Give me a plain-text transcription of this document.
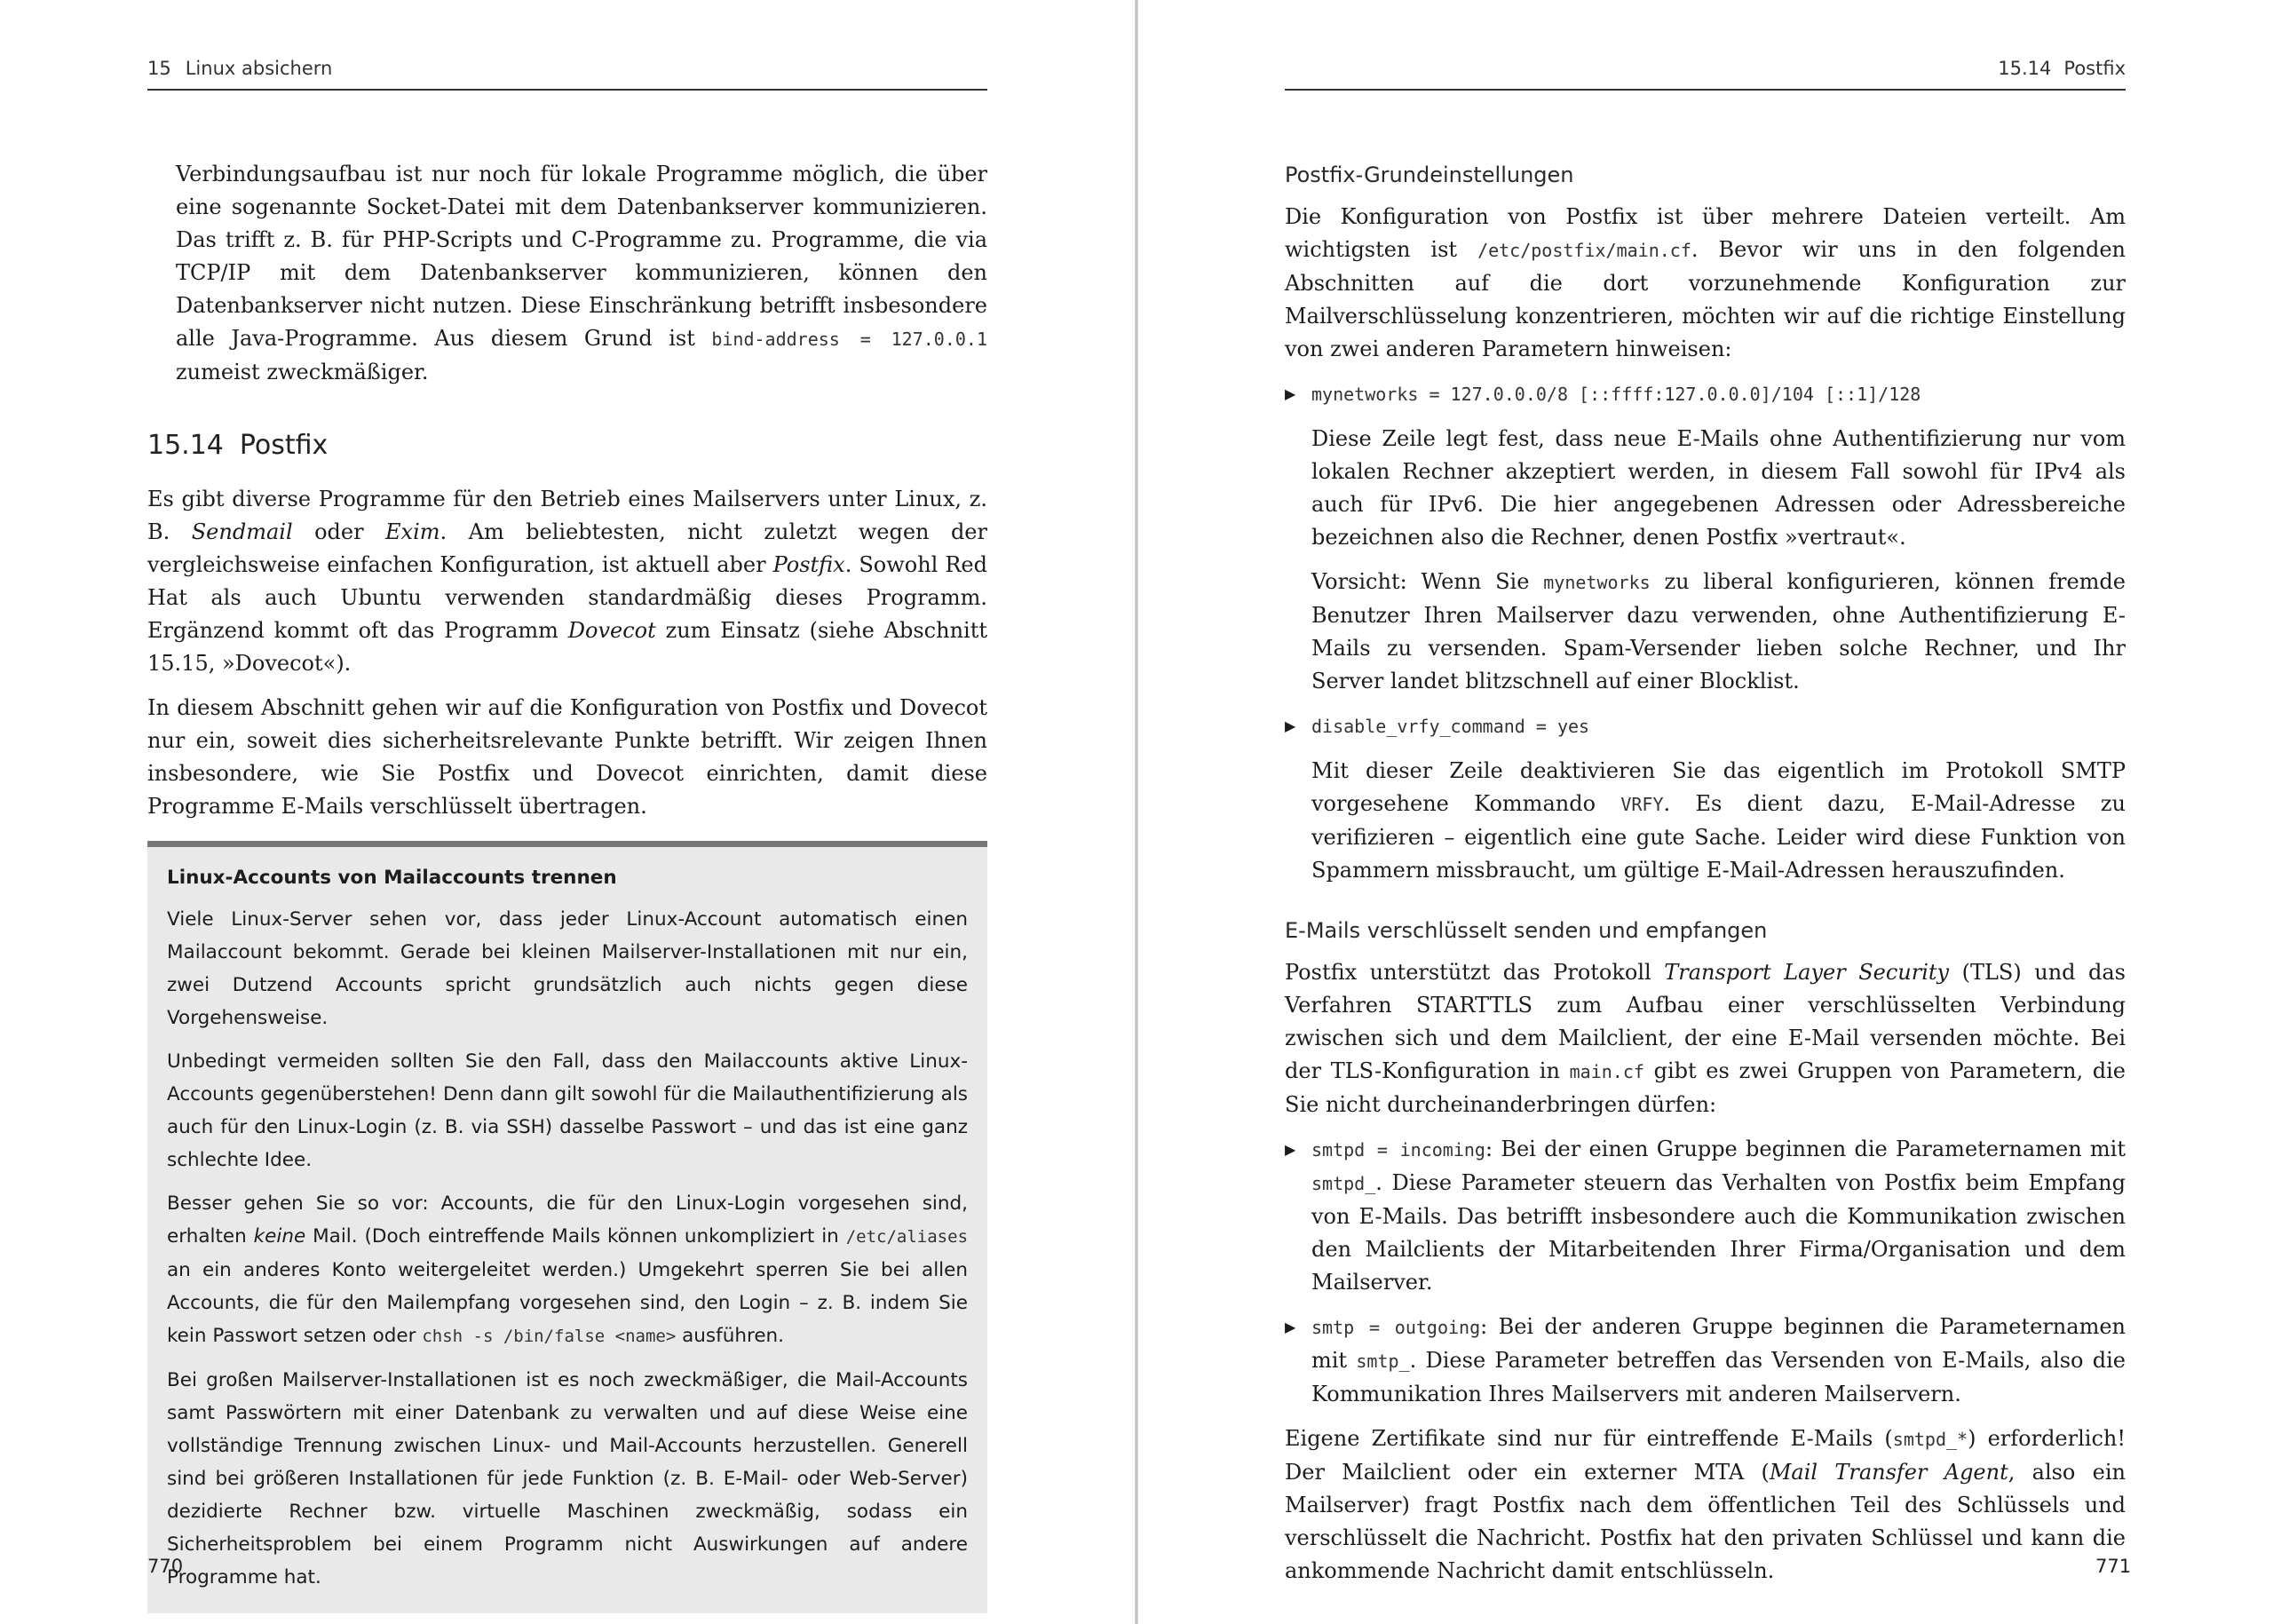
15 Linux absichern

Verbindungsaufbau ist nur noch für lokale Programme möglich, die über eine sogenannte Socket-Datei mit dem Datenbankserver kommunizieren. Das trifft z. B. für PHP-Scripts und C-Programme zu. Programme, die via TCP/IP mit dem Datenbankserver kommunizieren, können den Datenbankserver nicht nutzen. Diese Einschränkung betrifft insbesondere alle Java-Programme. Aus diesem Grund ist bind-address = 127.0.0.1 zumeist zweckmäßiger.

15.14 Postfix

Es gibt diverse Programme für den Betrieb eines Mailservers unter Linux, z. B. Sendmail oder Exim. Am beliebtesten, nicht zuletzt wegen der vergleichsweise einfachen Konfiguration, ist aktuell aber Postfix. Sowohl Red Hat als auch Ubuntu verwenden standardmäßig dieses Programm. Ergänzend kommt oft das Programm Dovecot zum Einsatz (siehe Abschnitt 15.15, »Dovecot«).

In diesem Abschnitt gehen wir auf die Konfiguration von Postfix und Dovecot nur ein, soweit dies sicherheitsrelevante Punkte betrifft. Wir zeigen Ihnen insbesondere, wie Sie Postfix und Dovecot einrichten, damit diese Programme E-Mails verschlüsselt übertragen.

Linux-Accounts von Mailaccounts trennen

Viele Linux-Server sehen vor, dass jeder Linux-Account automatisch einen Mailaccount bekommt. Gerade bei kleinen Mailserver-Installationen mit nur ein, zwei Dutzend Accounts spricht grundsätzlich auch nichts gegen diese Vorgehensweise.

Unbedingt vermeiden sollten Sie den Fall, dass den Mailaccounts aktive Linux-Accounts gegenüberstehen! Denn dann gilt sowohl für die Mailauthentifizierung als auch für den Linux-Login (z. B. via SSH) dasselbe Passwort – und das ist eine ganz schlechte Idee.

Besser gehen Sie so vor: Accounts, die für den Linux-Login vorgesehen sind, erhalten keine Mail. (Doch eintreffende Mails können unkompliziert in /etc/aliases an ein anderes Konto weitergeleitet werden.) Umgekehrt sperren Sie bei allen Accounts, die für den Mailempfang vorgesehen sind, den Login – z. B. indem Sie kein Passwort setzen oder chsh -s /bin/false <name> ausführen.

Bei großen Mailserver-Installationen ist es noch zweckmäßiger, die Mail-Accounts samt Passwörtern mit einer Datenbank zu verwalten und auf diese Weise eine vollständige Trennung zwischen Linux- und Mail-Accounts herzustellen. Generell sind bei größeren Installationen für jede Funktion (z. B. E-Mail- oder Web-Server) dezidierte Rechner bzw. virtuelle Maschinen zweckmäßig, sodass ein Sicherheitsproblem bei einem Programm nicht Auswirkungen auf andere Programme hat.

770
15.14 Postfix
Postfix-Grundeinstellungen

Die Konfiguration von Postfix ist über mehrere Dateien verteilt. Am wichtigsten ist /etc/postfix/main.cf. Bevor wir uns in den folgenden Abschnitten auf die dort vorzunehmende Konfiguration zur Mailverschlüsselung konzentrieren, möchten wir auf die richtige Einstellung von zwei anderen Parametern hinweisen:

▶ mynetworks = 127.0.0.0/8 [::ffff:127.0.0.0]/104 [::1]/128

Diese Zeile legt fest, dass neue E-Mails ohne Authentifizierung nur vom lokalen Rechner akzeptiert werden, in diesem Fall sowohl für IPv4 als auch für IPv6. Die hier angegebenen Adressen oder Adressbereiche bezeichnen also die Rechner, denen Postfix »vertraut«.

Vorsicht: Wenn Sie mynetworks zu liberal konfigurieren, können fremde Benutzer Ihren Mailserver dazu verwenden, ohne Authentifizierung E-Mails zu versenden. Spam-Versender lieben solche Rechner, und Ihr Server landet blitzschnell auf einer Blocklist.

▶ disable_vrfy_command = yes

Mit dieser Zeile deaktivieren Sie das eigentlich im Protokoll SMTP vorgesehene Kommando VRFY. Es dient dazu, E-Mail-Adresse zu verifizieren – eigentlich eine gute Sache. Leider wird diese Funktion von Spammern missbraucht, um gültige E-Mail-Adressen herauszufinden.

E-Mails verschlüsselt senden und empfangen

Postfix unterstützt das Protokoll Transport Layer Security (TLS) und das Verfahren STARTTLS zum Aufbau einer verschlüsselten Verbindung zwischen sich und dem Mailclient, der eine E-Mail versenden möchte. Bei der TLS-Konfiguration in main.cf gibt es zwei Gruppen von Parametern, die Sie nicht durcheinanderbringen dürfen:

▶ smtpd = incoming: Bei der einen Gruppe beginnen die Parameternamen mit smtpd_. Diese Parameter steuern das Verhalten von Postfix beim Empfang von E-Mails. Das betrifft insbesondere auch die Kommunikation zwischen den Mailclients der Mitarbeitenden Ihrer Firma/Organisation und dem Mailserver.

▶ smtp = outgoing: Bei der anderen Gruppe beginnen die Parameternamen mit smtp_. Diese Parameter betreffen das Versenden von E-Mails, also die Kommunikation Ihres Mailservers mit anderen Mailservern.

Eigene Zertifikate sind nur für eintreffende E-Mails (smtpd_*) erforderlich! Der Mailclient oder ein externer MTA (Mail Transfer Agent, also ein Mailserver) fragt Postfix nach dem öffentlichen Teil des Schlüssels und verschlüsselt die Nachricht. Postfix hat den privaten Schlüssel und kann die ankommende Nachricht damit entschlüsseln.	771
